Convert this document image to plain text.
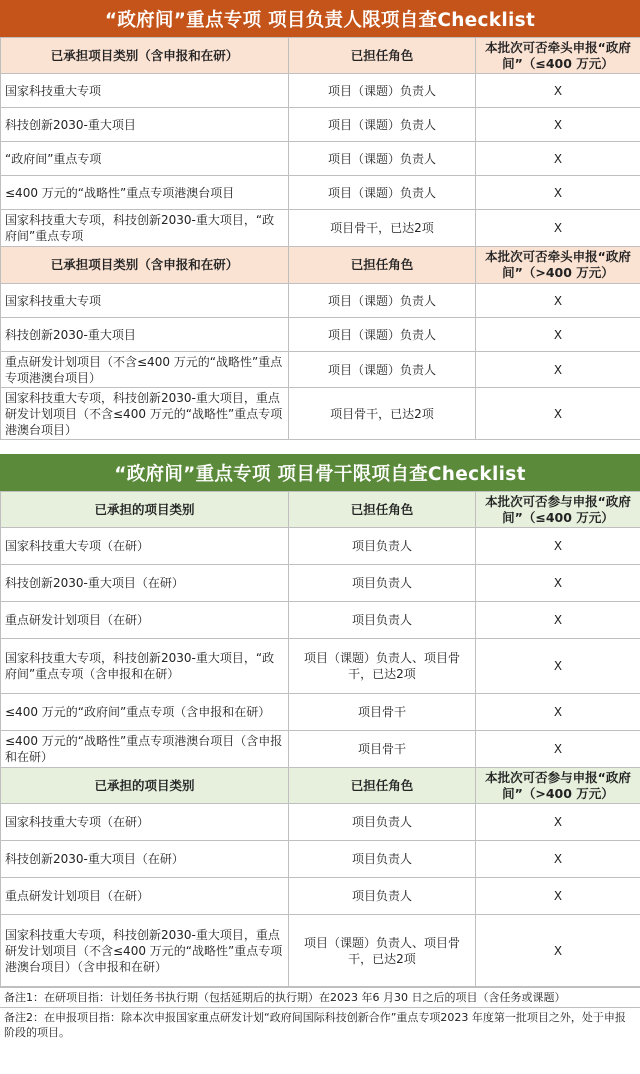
“政府间”重点专项 项目负责人限项自查Checklist
已承担项目类别（含申报和在研）	已担任角色	本批次可否牵头申报“政府间”（≤400 万元）
国家科技重大专项	项目（课题）负责人	X
科技创新2030-重大项目	项目（课题）负责人	X
“政府间”重点专项	项目（课题）负责人	X
≤400 万元的“战略性”重点专项港澳台项目	项目（课题）负责人	X
国家科技重大专项，科技创新2030-重大项目，“政府间”重点专项	项目骨干，已达2项	X
已承担项目类别（含申报和在研）	已担任角色	本批次可否牵头申报“政府间”（>400 万元）
国家科技重大专项	项目（课题）负责人	X
科技创新2030-重大项目	项目（课题）负责人	X
重点研发计划项目（不含≤400 万元的“战略性”重点专项港澳台项目）	项目（课题）负责人	X
国家科技重大专项，科技创新2030-重大项目，重点研发计划项目（不含≤400 万元的“战略性”重点专项港澳台项目）	项目骨干，已达2项	X
“政府间”重点专项 项目骨干限项自查Checklist
已承担的项目类别	已担任角色	本批次可否参与申报“政府间”（≤400 万元）
国家科技重大专项（在研）	项目负责人	X
科技创新2030-重大项目（在研）	项目负责人	X
重点研发计划项目（在研）	项目负责人	X
国家科技重大专项，科技创新2030-重大项目，“政府间”重点专项（含申报和在研）	项目（课题）负责人、项目骨干，已达2项	X
≤400 万元的“政府间”重点专项（含申报和在研）	项目骨干	X
≤400 万元的“战略性”重点专项港澳台项目（含申报和在研）	项目骨干	X
已承担的项目类别	已担任角色	本批次可否参与申报“政府间”（>400 万元）
国家科技重大专项（在研）	项目负责人	X
科技创新2030-重大项目（在研）	项目负责人	X
重点研发计划项目（在研）	项目负责人	X
国家科技重大专项，科技创新2030-重大项目，重点研发计划项目（不含≤400 万元的“战略性”重点专项港澳台项目）（含申报和在研）	项目（课题）负责人、项目骨干，已达2项	X
备注1：在研项目指：计划任务书执行期（包括延期后的执行期）在2023 年6 月30 日之后的项目（含任务或课题）
备注2：在申报项目指：除本次申报国家重点研发计划“政府间国际科技创新合作”重点专项2023 年度第一批项目之外，处于申报阶段的项目。
